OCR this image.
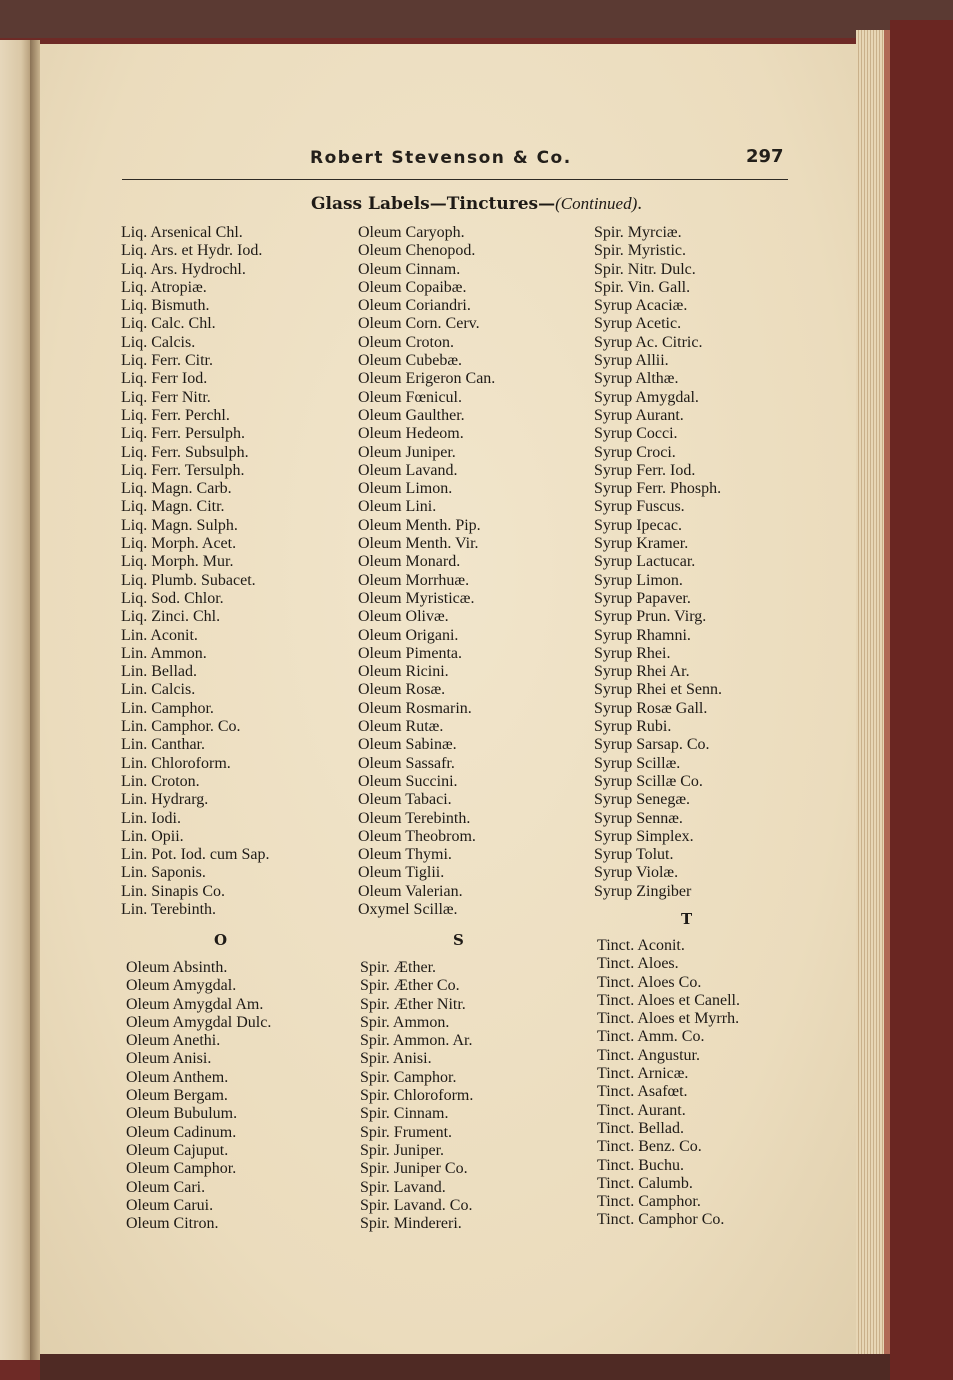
Robert Stevenson & Co.	297
Glass Labels—Tinctures—(Continued).
Liq. Arsenical Chl.
Liq. Ars. et Hydr. Iod.
Liq. Ars. Hydrochl.
Liq. Atropiæ.
Liq. Bismuth.
Liq. Calc. Chl.
Liq. Calcis.
Liq. Ferr. Citr.
Liq. Ferr Iod.
Liq. Ferr Nitr.
Liq. Ferr. Perchl.
Liq. Ferr. Persulph.
Liq. Ferr. Subsulph.
Liq. Ferr. Tersulph.
Liq. Magn. Carb.
Liq. Magn. Citr.
Liq. Magn. Sulph.
Liq. Morph. Acet.
Liq. Morph. Mur.
Liq. Plumb. Subacet.
Liq. Sod. Chlor.
Liq. Zinci. Chl.
Lin. Aconit.
Lin. Ammon.
Lin. Bellad.
Lin. Calcis.
Lin. Camphor.
Lin. Camphor. Co.
Lin. Canthar.
Lin. Chloroform.
Lin. Croton.
Lin. Hydrarg.
Lin. Iodi.
Lin. Opii.
Lin. Pot. Iod. cum Sap.
Lin. Saponis.
Lin. Sinapis Co.
Lin. Terebinth.
O
Oleum Absinth.
Oleum Amygdal.
Oleum Amygdal Am.
Oleum Amygdal Dulc.
Oleum Anethi.
Oleum Anisi.
Oleum Anthem.
Oleum Bergam.
Oleum Bubulum.
Oleum Cadinum.
Oleum Cajuput.
Oleum Camphor.
Oleum Cari.
Oleum Carui.
Oleum Citron.
Oleum Caryoph.
Oleum Chenopod.
Oleum Cinnam.
Oleum Copaibæ.
Oleum Coriandri.
Oleum Corn. Cerv.
Oleum Croton.
Oleum Cubebæ.
Oleum Erigeron Can.
Oleum Fœnicul.
Oleum Gaulther.
Oleum Hedeom.
Oleum Juniper.
Oleum Lavand.
Oleum Limon.
Oleum Lini.
Oleum Menth. Pip.
Oleum Menth. Vir.
Oleum Monard.
Oleum Morrhuæ.
Oleum Myristicæ.
Oleum Olivæ.
Oleum Origani.
Oleum Pimenta.
Oleum Ricini.
Oleum Rosæ.
Oleum Rosmarin.
Oleum Rutæ.
Oleum Sabinæ.
Oleum Sassafr.
Oleum Succini.
Oleum Tabaci.
Oleum Terebinth.
Oleum Theobrom.
Oleum Thymi.
Oleum Tiglii.
Oleum Valerian.
Oxymel Scillæ.
S
Spir. Æther.
Spir. Æther Co.
Spir. Æther Nitr.
Spir. Ammon.
Spir. Ammon. Ar.
Spir. Anisi.
Spir. Camphor.
Spir. Chloroform.
Spir. Cinnam.
Spir. Frument.
Spir. Juniper.
Spir. Juniper Co.
Spir. Lavand.
Spir. Lavand. Co.
Spir. Mindereri.
Spir. Myrciæ.
Spir. Myristic.
Spir. Nitr. Dulc.
Spir. Vin. Gall.
Syrup Acaciæ.
Syrup Acetic.
Syrup Ac. Citric.
Syrup Allii.
Syrup Althæ.
Syrup Amygdal.
Syrup Aurant.
Syrup Cocci.
Syrup Croci.
Syrup Ferr. Iod.
Syrup Ferr. Phosph.
Syrup Fuscus.
Syrup Ipecac.
Syrup Kramer.
Syrup Lactucar.
Syrup Limon.
Syrup Papaver.
Syrup Prun. Virg.
Syrup Rhamni.
Syrup Rhei.
Syrup Rhei Ar.
Syrup Rhei et Senn.
Syrup Rosæ Gall.
Syrup Rubi.
Syrup Sarsap. Co.
Syrup Scillæ.
Syrup Scillæ Co.
Syrup Senegæ.
Syrup Sennæ.
Syrup Simplex.
Syrup Tolut.
Syrup Violæ.
Syrup Zingiber
T
Tinct. Aconit.
Tinct. Aloes.
Tinct. Aloes Co.
Tinct. Aloes et Canell.
Tinct. Aloes et Myrrh.
Tinct. Amm. Co.
Tinct. Angustur.
Tinct. Arnicæ.
Tinct. Asafœt.
Tinct. Aurant.
Tinct. Bellad.
Tinct. Benz. Co.
Tinct. Buchu.
Tinct. Calumb.
Tinct. Camphor.
Tinct. Camphor Co.
